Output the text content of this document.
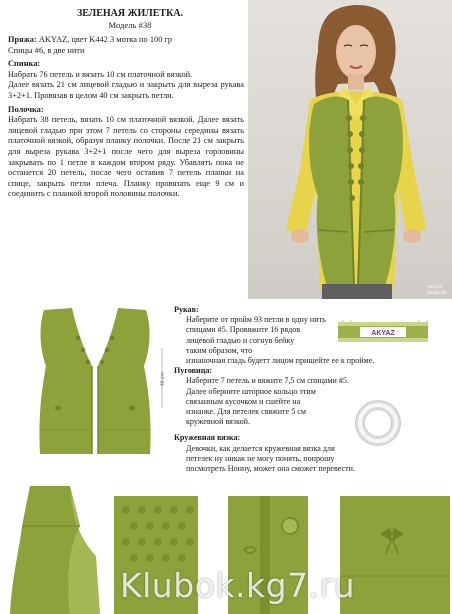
ЗЕЛЕНАЯ ЖИЛЕТКА.
Модель #38
Пряжа: AKYAZ, цвет K442 3 мотка по 100 гр
Спицы #6, в две нити
Спинка:
Набрать 76 петель и вязать 10 см платочной вязкой.
Далее вязать 21 см лицевой гладью и закрыть для выреза рукава 3+2+1. Провязав в целом 40 см закрыть петли.
Полочка:
Набрать 38 петель, вязать 10 см платочной вязкой. Далее вязать лицевой гладью при этом 7 петель со стороны середины вязать платочной вязкой, образуя планку полочки. После 21 см закрыть для выреза рукава 3+2+1 после чего для выреза горловины закрывать по 1 петле в каждом втором ряду. Убавлять пока не останется 20 петель, после чего оставив 7 петель планки на спице, закрыть петли плеча. Планку провязать еще 9 см и соединить с планкой второй половины полочки.
AKYAZ
Model 38
40 cm
Рукав:
Наберите от пройм 93 петли в одну нить
спицами #5. Провяжите 16 рядов
лицевой гладью и согнув бейку
таким образом, что
изнаночная гладь будетт лицом пришейте ее к пройме.
Пуговица:
Наберите 7 петель и вяжите 7,5 см спицами #5.
Далее оберните шторное кольцо этим
связанным кусочком и сшейте на
изнанке. Для петелек свяжите 5 см
кружевной вязкой.
Кружевная вязка:
Девочки, как делается кружевная вязка для
петелек ну никак не могу понять, попрошу
посмотреть Нонну, может она сможет перевести.
AKYAZ
Klubok.kg7.ru
